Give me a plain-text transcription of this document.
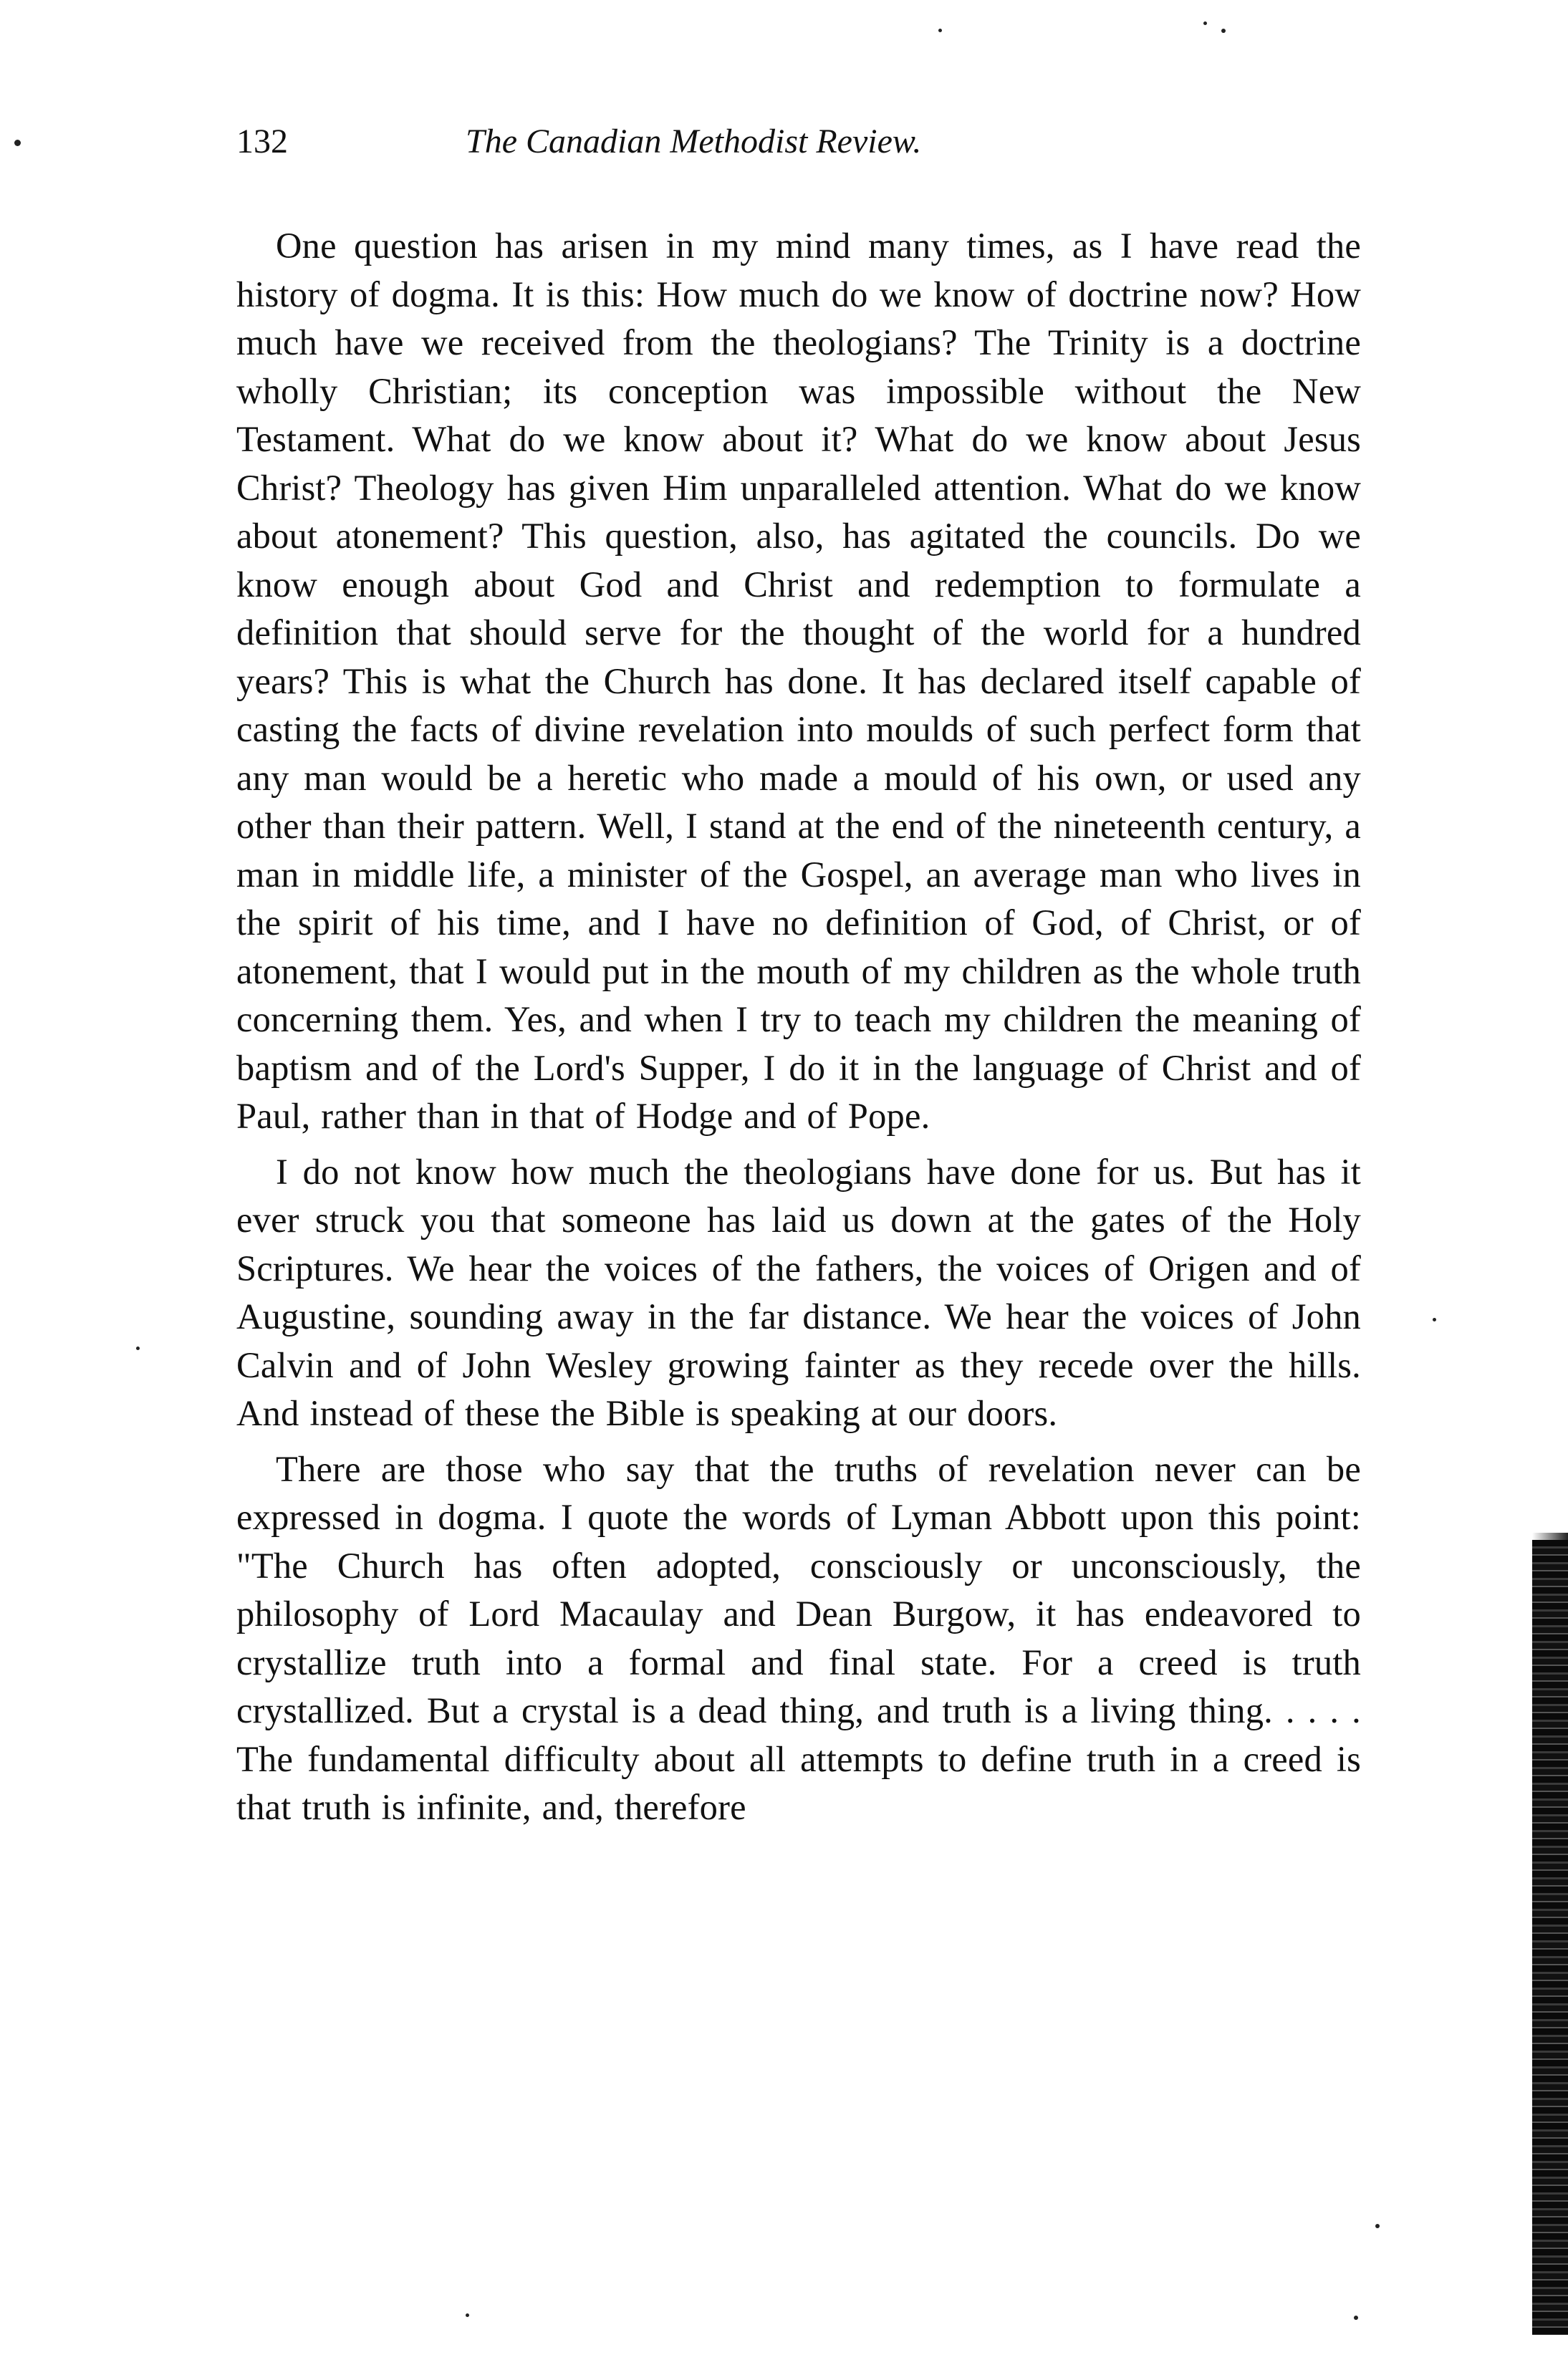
132	The Canadian Methodist Review.

One question has arisen in my mind many times, as I have read the history of dogma. It is this: How much do we know of doctrine now? How much have we received from the theologians? The Trinity is a doctrine wholly Christian; its conception was impossible without the New Testament. What do we know about it? What do we know about Jesus Christ? Theology has given Him unparalleled attention. What do we know about atonement? This question, also, has agitated the councils. Do we know enough about God and Christ and redemption to formulate a definition that should serve for the thought of the world for a hundred years? This is what the Church has done. It has declared itself capable of casting the facts of divine revelation into moulds of such perfect form that any man would be a heretic who made a mould of his own, or used any other than their pattern. Well, I stand at the end of the nineteenth century, a man in middle life, a minister of the Gospel, an average man who lives in the spirit of his time, and I have no definition of God, of Christ, or of atonement, that I would put in the mouth of my children as the whole truth concerning them. Yes, and when I try to teach my children the meaning of baptism and of the Lord's Supper, I do it in the language of Christ and of Paul, rather than in that of Hodge and of Pope.

I do not know how much the theologians have done for us. But has it ever struck you that someone has laid us down at the gates of the Holy Scriptures. We hear the voices of the fathers, the voices of Origen and of Augustine, sounding away in the far distance. We hear the voices of John Calvin and of John Wesley growing fainter as they recede over the hills. And instead of these the Bible is speaking at our doors.

There are those who say that the truths of revelation never can be expressed in dogma. I quote the words of Lyman Abbott upon this point: "The Church has often adopted, consciously or unconsciously, the philosophy of Lord Macaulay and Dean Burgow, it has endeavored to crystallize truth into a formal and final state. For a creed is truth crystallized. But a crystal is a dead thing, and truth is a living thing. . . . . The fundamental difficulty about all attempts to define truth in a creed is that truth is infinite, and, therefore
